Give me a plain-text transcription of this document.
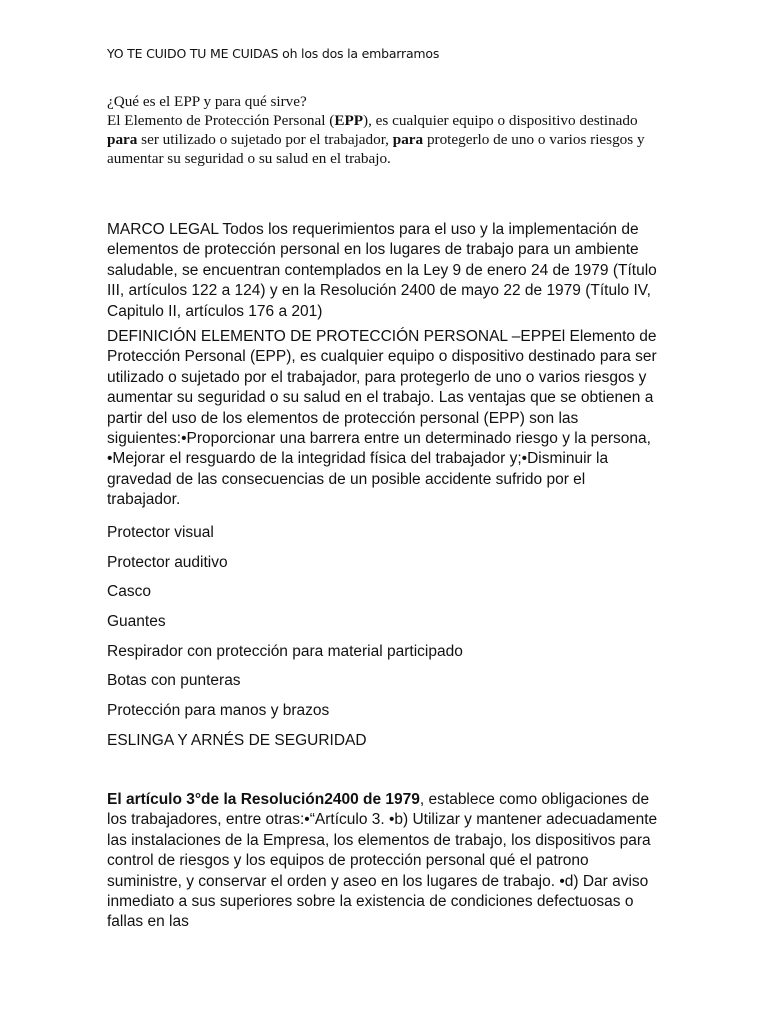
YO TE CUIDO TU ME CUIDAS oh los dos la embarramos

¿Qué es el EPP y para qué sirve?

El Elemento de Protección Personal (EPP), es cualquier equipo o dispositivo destinado para ser utilizado o sujetado por el trabajador, para protegerlo de uno o varios riesgos y aumentar su seguridad o su salud en el trabajo.

MARCO LEGAL Todos los requerimientos para el uso y la implementación de elementos de protección personal en los lugares de trabajo para un ambiente saludable, se encuentran contemplados en la Ley 9 de enero 24 de 1979 (Título III, artículos 122 a 124) y en la Resolución 2400 de mayo 22 de 1979 (Título IV, Capitulo II, artículos 176 a 201)
DEFINICIÓN ELEMENTO DE PROTECCIÓN PERSONAL –EPPEl Elemento de Protección Personal (EPP), es cualquier equipo o dispositivo destinado para ser utilizado o sujetado por el trabajador, para protegerlo de uno o varios riesgos y aumentar su seguridad o su salud en el trabajo. Las ventajas que se obtienen a partir del uso de los elementos de protección personal (EPP) son las siguientes:•Proporcionar una barrera entre un determinado riesgo y la persona, •Mejorar el resguardo de la integridad física del trabajador y;•Disminuir la gravedad de las consecuencias de un posible accidente sufrido por el trabajador.
Protector visual
Protector auditivo
Casco
Guantes
Respirador con protección para material participado
Botas con punteras
Protección para manos y brazos
ESLINGA Y ARNÉS DE SEGURIDAD
El artículo 3°de la Resolución2400 de 1979, establece como obligaciones de los trabajadores, entre otras:•“Artículo 3. •b) Utilizar y mantener adecuadamente las instalaciones de la Empresa, los elementos de trabajo, los dispositivos para control de riesgos y los equipos de protección personal qué el patrono suministre, y conservar el orden y aseo en los lugares de trabajo. •d) Dar aviso inmediato a sus superiores sobre la existencia de condiciones defectuosas o fallas en las
